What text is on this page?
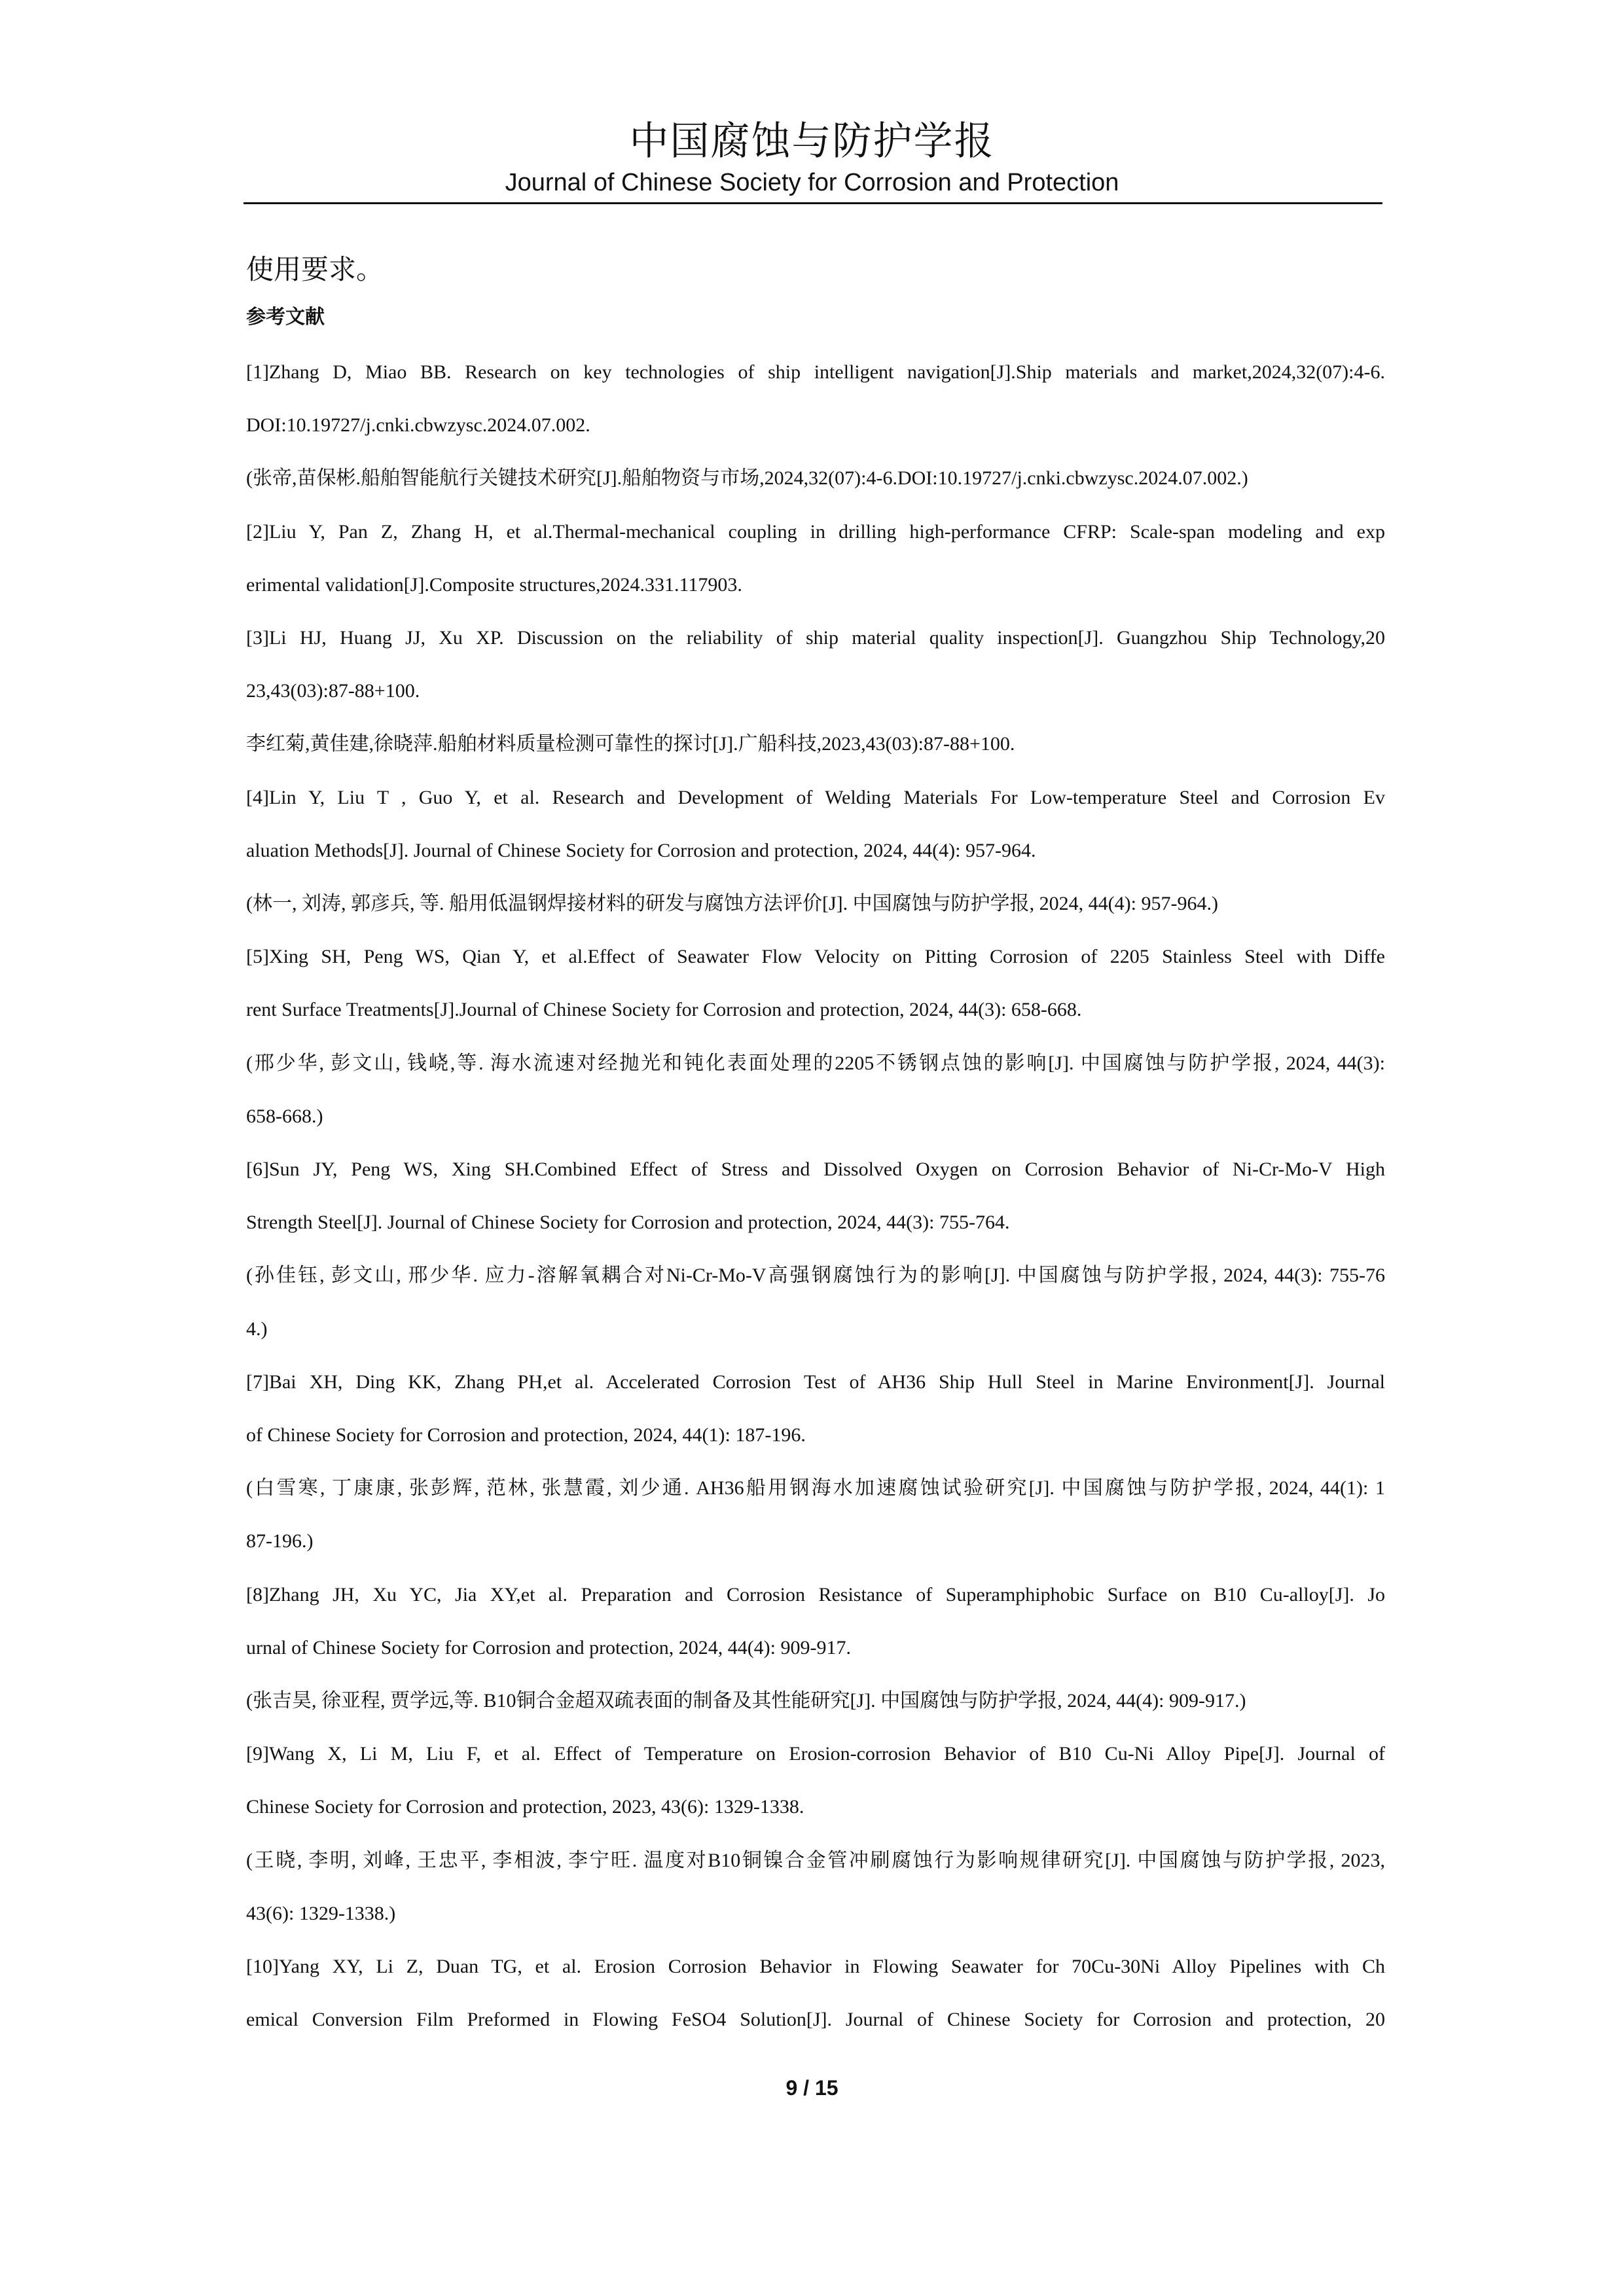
中国腐蚀与防护学报
Journal of Chinese Society for Corrosion and Protection
使用要求。
参考文献
[1]Zhang D, Miao BB. Research on key technologies of ship intelligent navigation[J].Ship materials and market,2024,32(07):4-6.
DOI:10.19727/j.cnki.cbwzysc.2024.07.002.
(张帝,苗保彬.船舶智能航行关键技术研究[J].船舶物资与市场,2024,32(07):4-6.DOI:10.19727/j.cnki.cbwzysc.2024.07.002.)
[2]Liu Y, Pan Z, Zhang H, et al.Thermal-mechanical coupling in drilling high-performance CFRP: Scale-span modeling and exp
erimental validation[J].Composite structures,2024.331.117903.
[3]Li HJ, Huang JJ, Xu XP. Discussion on the reliability of ship material quality inspection[J]. Guangzhou Ship Technology,20
23,43(03):87-88+100.
李红菊,黄佳建,徐晓萍.船舶材料质量检测可靠性的探讨[J].广船科技,2023,43(03):87-88+100.
[4]Lin Y, Liu T , Guo Y, et al. Research and Development of Welding Materials For Low-temperature Steel and Corrosion Ev
aluation Methods[J]. Journal of Chinese Society for Corrosion and protection, 2024, 44(4): 957-964.
(林一, 刘涛, 郭彦兵, 等. 船用低温钢焊接材料的研发与腐蚀方法评价[J]. 中国腐蚀与防护学报, 2024, 44(4): 957-964.)
[5]Xing SH, Peng WS, Qian Y, et al.Effect of Seawater Flow Velocity on Pitting Corrosion of 2205 Stainless Steel with Diffe
rent Surface Treatments[J].Journal of Chinese Society for Corrosion and protection, 2024, 44(3): 658-668.
(邢少华, 彭文山, 钱峣,等. 海水流速对经抛光和钝化表面处理的2205不锈钢点蚀的影响[J]. 中国腐蚀与防护学报, 2024, 44(3):
658-668.)
[6]Sun JY, Peng WS, Xing SH.Combined Effect of Stress and Dissolved Oxygen on Corrosion Behavior of Ni-Cr-Mo-V High
Strength Steel[J]. Journal of Chinese Society for Corrosion and protection, 2024, 44(3): 755-764.
(孙佳钰, 彭文山, 邢少华. 应力-溶解氧耦合对Ni-Cr-Mo-V高强钢腐蚀行为的影响[J]. 中国腐蚀与防护学报, 2024, 44(3): 755-76
4.)
[7]Bai XH, Ding KK, Zhang PH,et al. Accelerated Corrosion Test of AH36 Ship Hull Steel in Marine Environment[J]. Journal
of Chinese Society for Corrosion and protection, 2024, 44(1): 187-196.
(白雪寒, 丁康康, 张彭辉, 范林, 张慧霞, 刘少通. AH36船用钢海水加速腐蚀试验研究[J]. 中国腐蚀与防护学报, 2024, 44(1): 1
87-196.)
[8]Zhang JH, Xu YC, Jia XY,et al. Preparation and Corrosion Resistance of Superamphiphobic Surface on B10 Cu-alloy[J]. Jo
urnal of Chinese Society for Corrosion and protection, 2024, 44(4): 909-917.
(张吉昊, 徐亚程, 贾学远,等. B10铜合金超双疏表面的制备及其性能研究[J]. 中国腐蚀与防护学报, 2024, 44(4): 909-917.)
[9]Wang X, Li M, Liu F, et al. Effect of Temperature on Erosion-corrosion Behavior of B10 Cu-Ni Alloy Pipe[J]. Journal of
Chinese Society for Corrosion and protection, 2023, 43(6): 1329-1338.
(王晓, 李明, 刘峰, 王忠平, 李相波, 李宁旺. 温度对B10铜镍合金管冲刷腐蚀行为影响规律研究[J]. 中国腐蚀与防护学报, 2023,
43(6): 1329-1338.)
[10]Yang XY, Li Z, Duan TG, et al. Erosion Corrosion Behavior in Flowing Seawater for 70Cu-30Ni Alloy Pipelines with Ch
emical Conversion Film Preformed in Flowing FeSO4 Solution[J]. Journal of Chinese Society for Corrosion and protection, 20
9 / 15
